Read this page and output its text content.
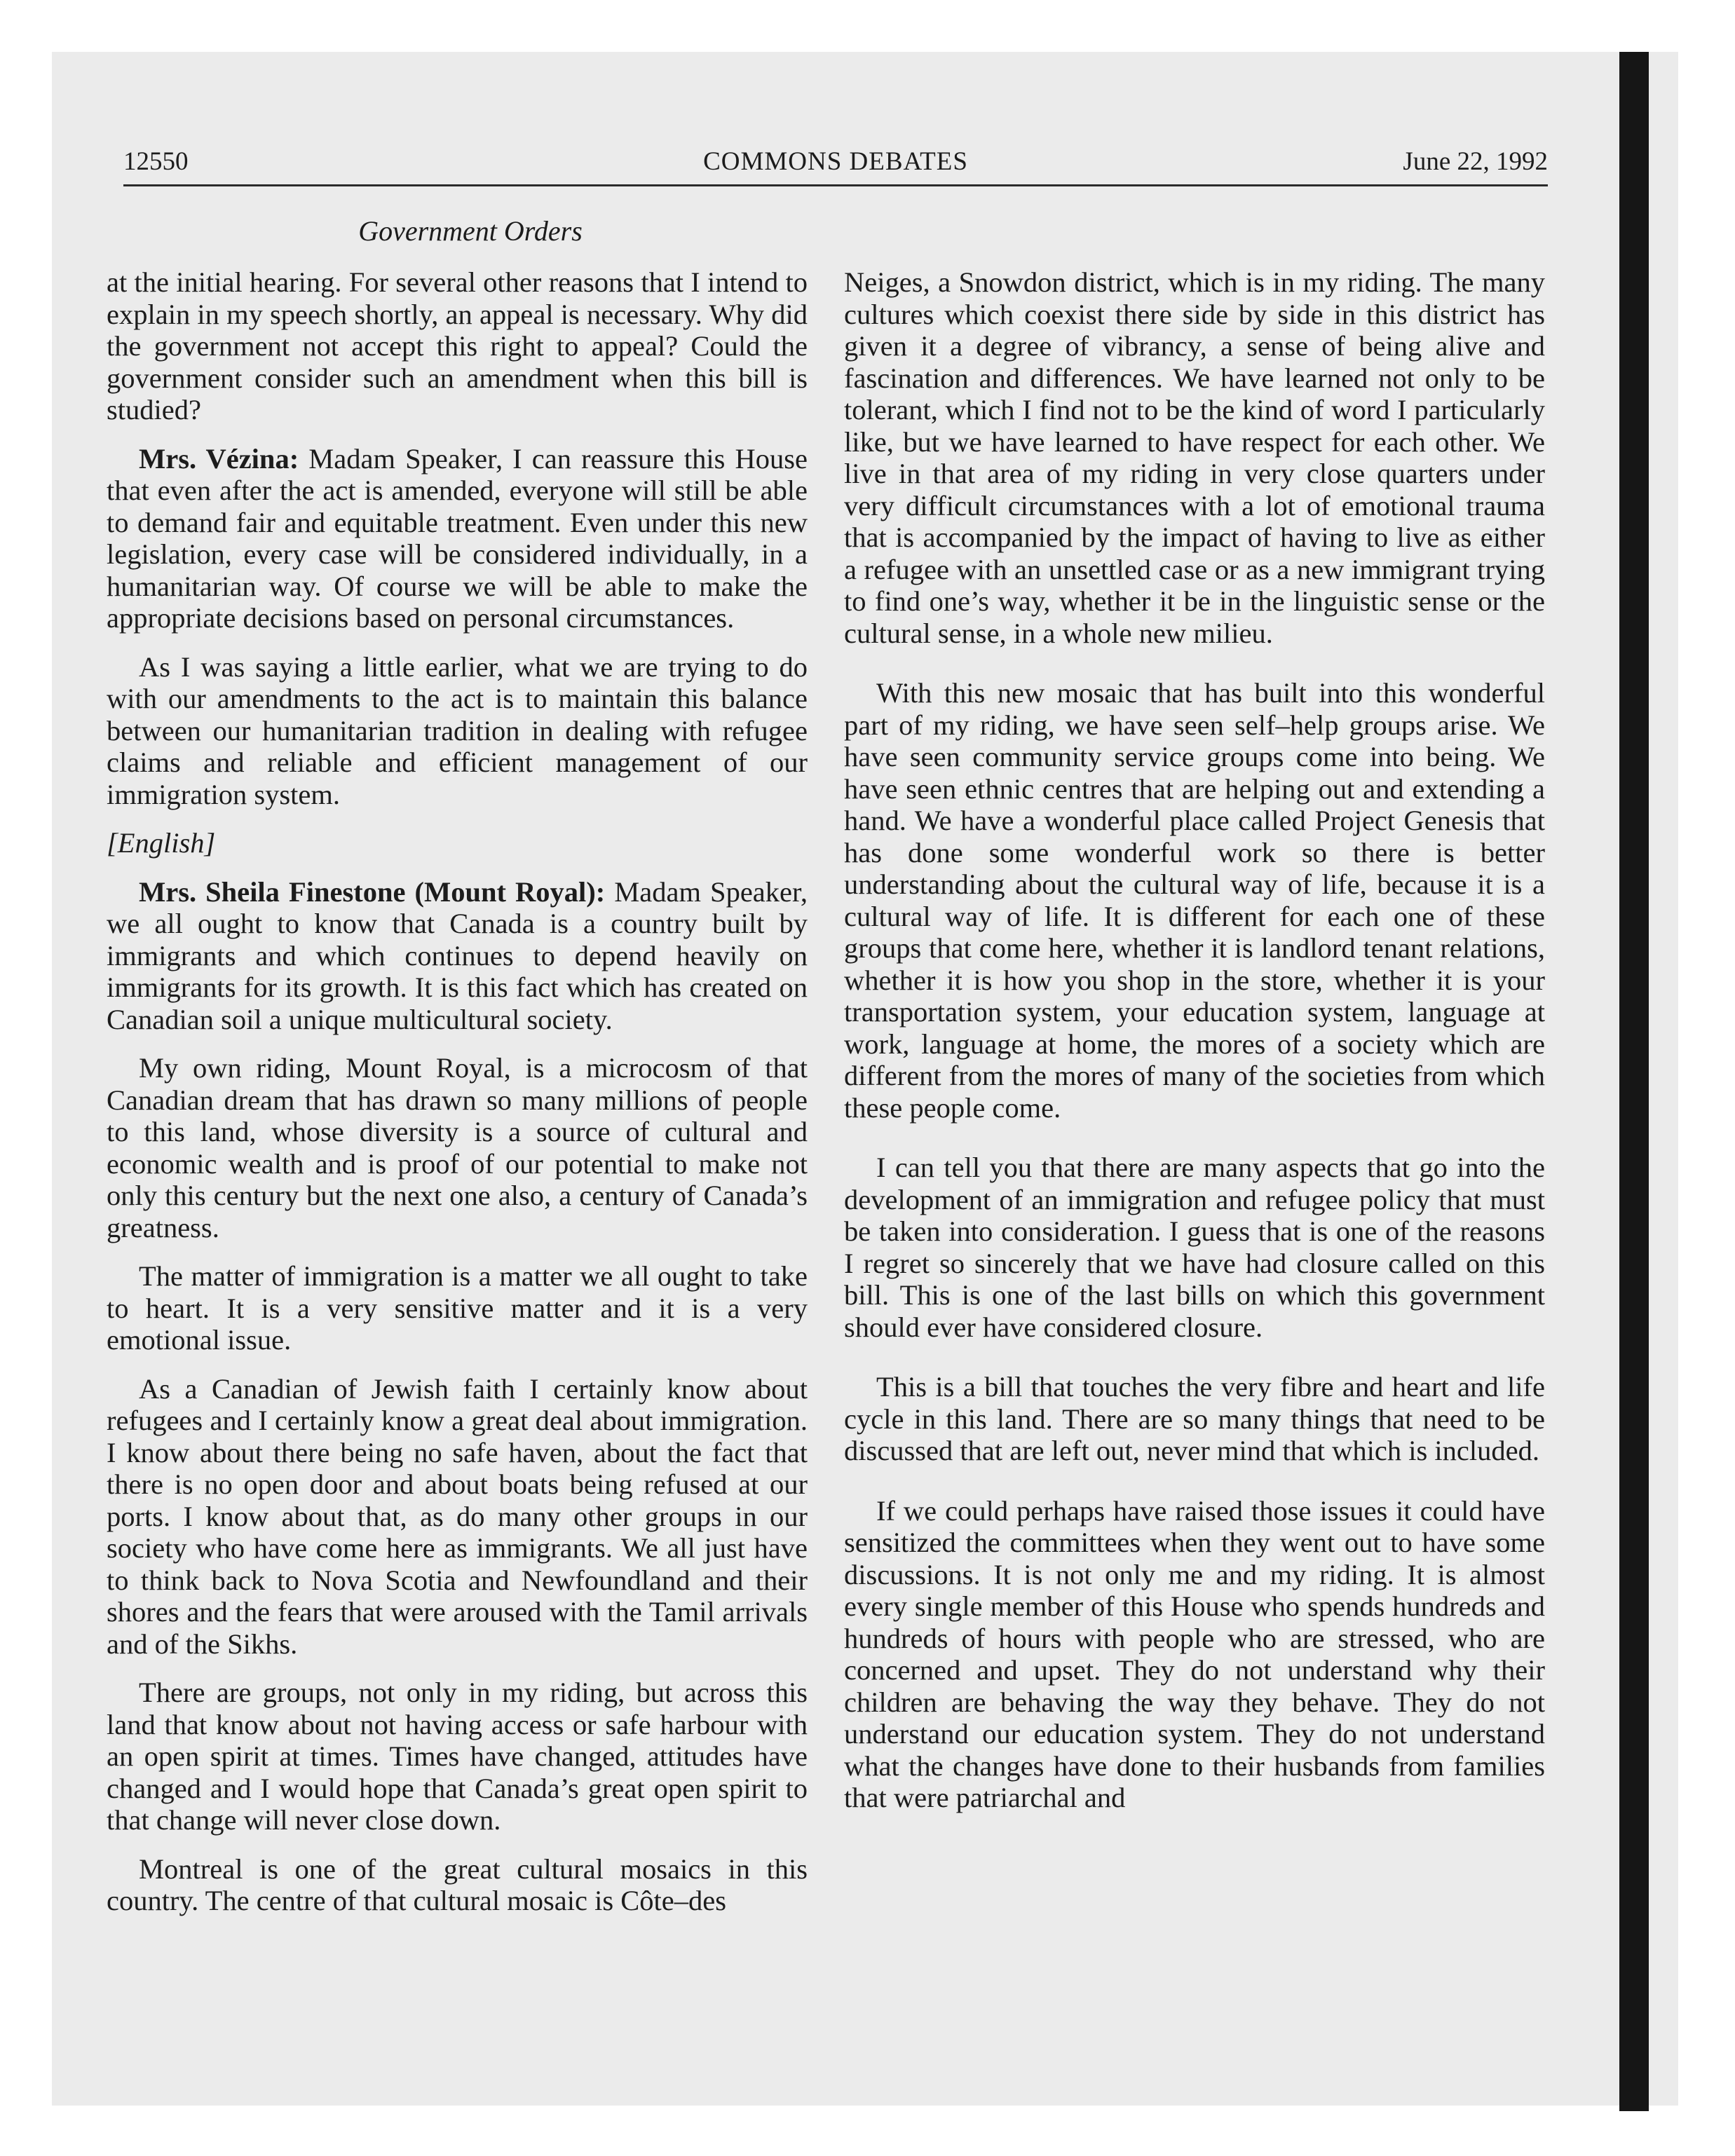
12550	COMMONS DEBATES	June 22, 1992
Government Orders

at the initial hearing. For several other reasons that I intend to explain in my speech shortly, an appeal is necessary. Why did the government not accept this right to appeal? Could the government consider such an amendment when this bill is studied?

Mrs. Vézina: Madam Speaker, I can reassure this House that even after the act is amended, everyone will still be able to demand fair and equitable treatment. Even under this new legislation, every case will be considered individually, in a humanitarian way. Of course we will be able to make the appropriate decisions based on personal circumstances.

As I was saying a little earlier, what we are trying to do with our amendments to the act is to maintain this balance between our humanitarian tradition in dealing with refugee claims and reliable and efficient management of our immigration system.

[English]

Mrs. Sheila Finestone (Mount Royal): Madam Speaker, we all ought to know that Canada is a country built by immigrants and which continues to depend heavily on immigrants for its growth. It is this fact which has created on Canadian soil a unique multicultural society.

My own riding, Mount Royal, is a microcosm of that Canadian dream that has drawn so many millions of people to this land, whose diversity is a source of cultural and economic wealth and is proof of our potential to make not only this century but the next one also, a century of Canada’s greatness.

The matter of immigration is a matter we all ought to take to heart. It is a very sensitive matter and it is a very emotional issue.

As a Canadian of Jewish faith I certainly know about refugees and I certainly know a great deal about immigration. I know about there being no safe haven, about the fact that there is no open door and about boats being refused at our ports. I know about that, as do many other groups in our society who have come here as immigrants. We all just have to think back to Nova Scotia and Newfoundland and their shores and the fears that were aroused with the Tamil arrivals and of the Sikhs.

There are groups, not only in my riding, but across this land that know about not having access or safe harbour with an open spirit at times. Times have changed, attitudes have changed and I would hope that Canada’s great open spirit to that change will never close down.

Montreal is one of the great cultural mosaics in this country. The centre of that cultural mosaic is Côte–des

Neiges, a Snowdon district, which is in my riding. The many cultures which coexist there side by side in this district has given it a degree of vibrancy, a sense of being alive and fascination and differences. We have learned not only to be tolerant, which I find not to be the kind of word I particularly like, but we have learned to have respect for each other. We live in that area of my riding in very close quarters under very difficult circumstances with a lot of emotional trauma that is accompanied by the impact of having to live as either a refugee with an unsettled case or as a new immigrant trying to find one’s way, whether it be in the linguistic sense or the cultural sense, in a whole new milieu.

With this new mosaic that has built into this wonderful part of my riding, we have seen self–help groups arise. We have seen community service groups come into being. We have seen ethnic centres that are helping out and extending a hand. We have a wonderful place called Project Genesis that has done some wonderful work so there is better understanding about the cultural way of life, because it is a cultural way of life. It is different for each one of these groups that come here, whether it is landlord tenant relations, whether it is how you shop in the store, whether it is your transportation system, your education system, language at work, language at home, the mores of a society which are different from the mores of many of the societies from which these people come.

I can tell you that there are many aspects that go into the development of an immigration and refugee policy that must be taken into consideration. I guess that is one of the reasons I regret so sincerely that we have had closure called on this bill. This is one of the last bills on which this government should ever have considered closure.

This is a bill that touches the very fibre and heart and life cycle in this land. There are so many things that need to be discussed that are left out, never mind that which is included.

If we could perhaps have raised those issues it could have sensitized the committees when they went out to have some discussions. It is not only me and my riding. It is almost every single member of this House who spends hundreds and hundreds of hours with people who are stressed, who are concerned and upset. They do not understand why their children are behaving the way they behave. They do not understand our education system. They do not understand what the changes have done to their husbands from families that were patriarchal and
